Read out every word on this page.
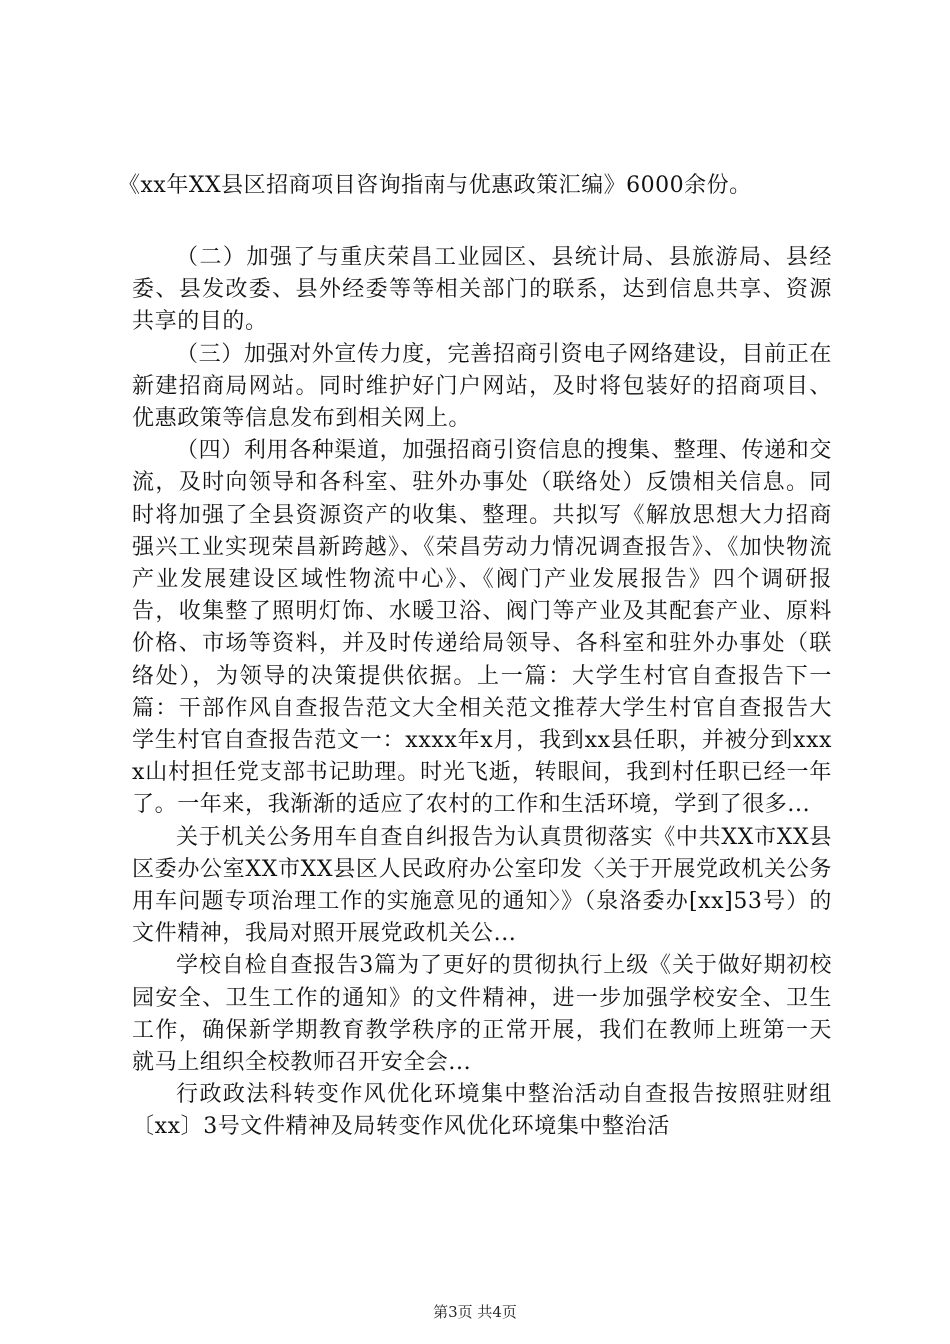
《xx年XX县区招商项目咨询指南与优惠政策汇编》6000余份。

（二）加强了与重庆荣昌工业园区、县统计局、县旅游局、县经委、县发改委、县外经委等等相关部门的联系，达到信息共享、资源共享的目的。

（三）加强对外宣传力度，完善招商引资电子网络建设，目前正在新建招商局网站。同时维护好门户网站，及时将包装好的招商项目、优惠政策等信息发布到相关网上。

（四）利用各种渠道，加强招商引资信息的搜集、整理、传递和交流，及时向领导和各科室、驻外办事处（联络处）反馈相关信息。同时将加强了全县资源资产的收集、整理。共拟写《解放思想大力招商强兴工业实现荣昌新跨越》、《荣昌劳动力情况调查报告》、《加快物流产业发展建设区域性物流中心》、《阀门产业发展报告》四个调研报告，收集整了照明灯饰、水暖卫浴、阀门等产业及其配套产业、原料价格、市场等资料，并及时传递给局领导、各科室和驻外办事处（联络处），为领导的决策提供依据。上一篇：大学生村官自查报告下一篇：干部作风自查报告范文大全相关范文推荐大学生村官自查报告大学生村官自查报告范文一：xxxx年x月，我到xx县任职，并被分到xxxx山村担任党支部书记助理。时光飞逝，转眼间，我到村任职已经一年了。一年来，我渐渐的适应了农村的工作和生活环境，学到了很多...

关于机关公务用车自查自纠报告为认真贯彻落实《中共XX市XX县区委办公室XX市XX县区人民政府办公室印发〈关于开展党政机关公务用车问题专项治理工作的实施意见的通知〉》（泉洛委办[xx]53号）的文件精神，我局对照开展党政机关公...

学校自检自查报告3篇为了更好的贯彻执行上级《关于做好期初校园安全、卫生工作的通知》的文件精神，进一步加强学校安全、卫生工作，确保新学期教育教学秩序的正常开展，我们在教师上班第一天就马上组织全校教师召开安全会...

行政政法科转变作风优化环境集中整治活动自查报告按照驻财组〔xx〕3号文件精神及局转变作风优化环境集中整治活

第3页 共4页
